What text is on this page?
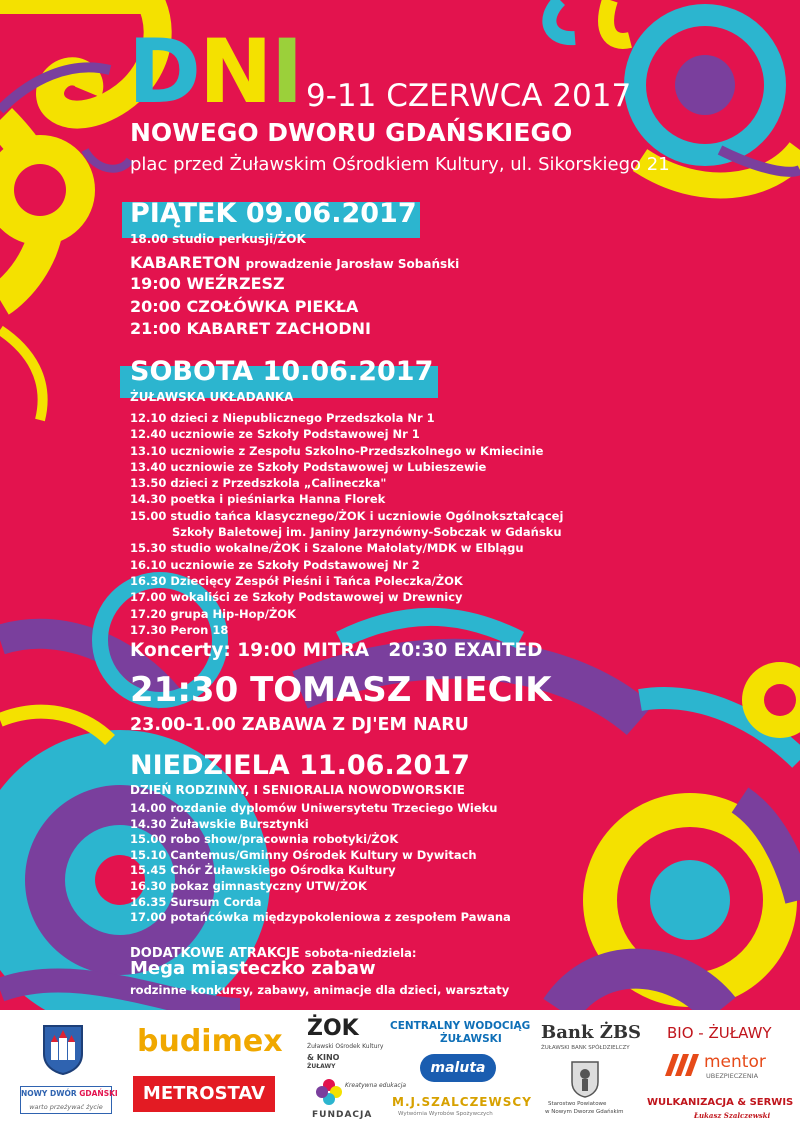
DNI 9-11 CZERWCA 2017
NOWEGO DWORU GDAŃSKIEGO
plac przed Żuławskim Ośrodkiem Kultury, ul. Sikorskiego 21
PIĄTEK 09.06.2017
18.00 studio perkusji/ŻOK
KABARETON prowadzenie Jarosław Sobański
19:00 WEŹRZESZ
20:00 CZOŁÓWKA PIEKŁA
21:00 KABARET ZACHODNI
SOBOTA 10.06.2017
ŻUŁAWSKA UKŁADANKA
12.10 dzieci z Niepublicznego Przedszkola Nr 1
12.40 uczniowie ze Szkoły Podstawowej Nr 1
13.10 uczniowie z Zespołu Szkolno-Przedszkolnego w Kmiecinie
13.40 uczniowie ze Szkoły Podstawowej w Lubieszewie
13.50 dzieci z Przedszkola „Calineczka"
14.30 poetka i pieśniarka Hanna Florek
15.00 studio tańca klasycznego/ŻOK i uczniowie Ogólnokształcącej
Szkoły Baletowej im. Janiny Jarzynówny-Sobczak w Gdańsku
15.30 studio wokalne/ŻOK i Szalone Małolaty/MDK w Elblągu
16.10 uczniowie ze Szkoły Podstawowej Nr 2
16.30 Dziecięcy Zespół Pieśni i Tańca Poleczka/ŻOK
17.00 wokaliści ze Szkoły Podstawowej w Drewnicy
17.20 grupa Hip-Hop/ŻOK
17.30 Peron 18
Koncerty: 19:00 MITRA   20:30 EXAITED
21:30 TOMASZ NIECIK
23.00-1.00 ZABAWA Z DJ'EM NARU
NIEDZIELA 11.06.2017
DZIEŃ RODZINNY, I SENIORALIA NOWODWORSKIE
14.00 rozdanie dyplomów Uniwersytetu Trzeciego Wieku
14.30 Żuławskie Bursztynki
15.00 robo show/pracownia robotyki/ŻOK
15.10 Cantemus/Gminny Ośrodek Kultury w Dywitach
15.45 Chór Żuławskiego Ośrodka Kultury
16.30 pokaz gimnastyczny UTW/ŻOK
16.35 Sursum Corda
17.00 potańcówka międzypokoleniowa z zespołem Pawana
DODATKOWE ATRAKCJE sobota-niedziela:
Mega miasteczko zabaw
rodzinne konkursy, zabawy, animacje dla dzieci, warsztaty
NOWY DWÓR GDAŃSKI
warto przeżywać życie
budimex
METROSTAV
ŻOK
Żuławski Ośrodek Kultury
& KINO
ŻUŁAWY
Kreatywna edukacja
FUNDACJA
CENTRALNY WODOCIĄG
ŻUŁAWSKI
maluta
M.J.SZALCZEWSCY
Wytwórnia Wyrobów Spożywczych
Bank ŻBS
ŻUŁAWSKI BANK SPÓŁDZIELCZY
Starostwo Powiatowe
w Nowym Dworze Gdańskim
BIO - ŻUŁAWY
mentor
UBEZPIECZENIA
WULKANIZACJA & SERWIS
Łukasz Szalczewski
